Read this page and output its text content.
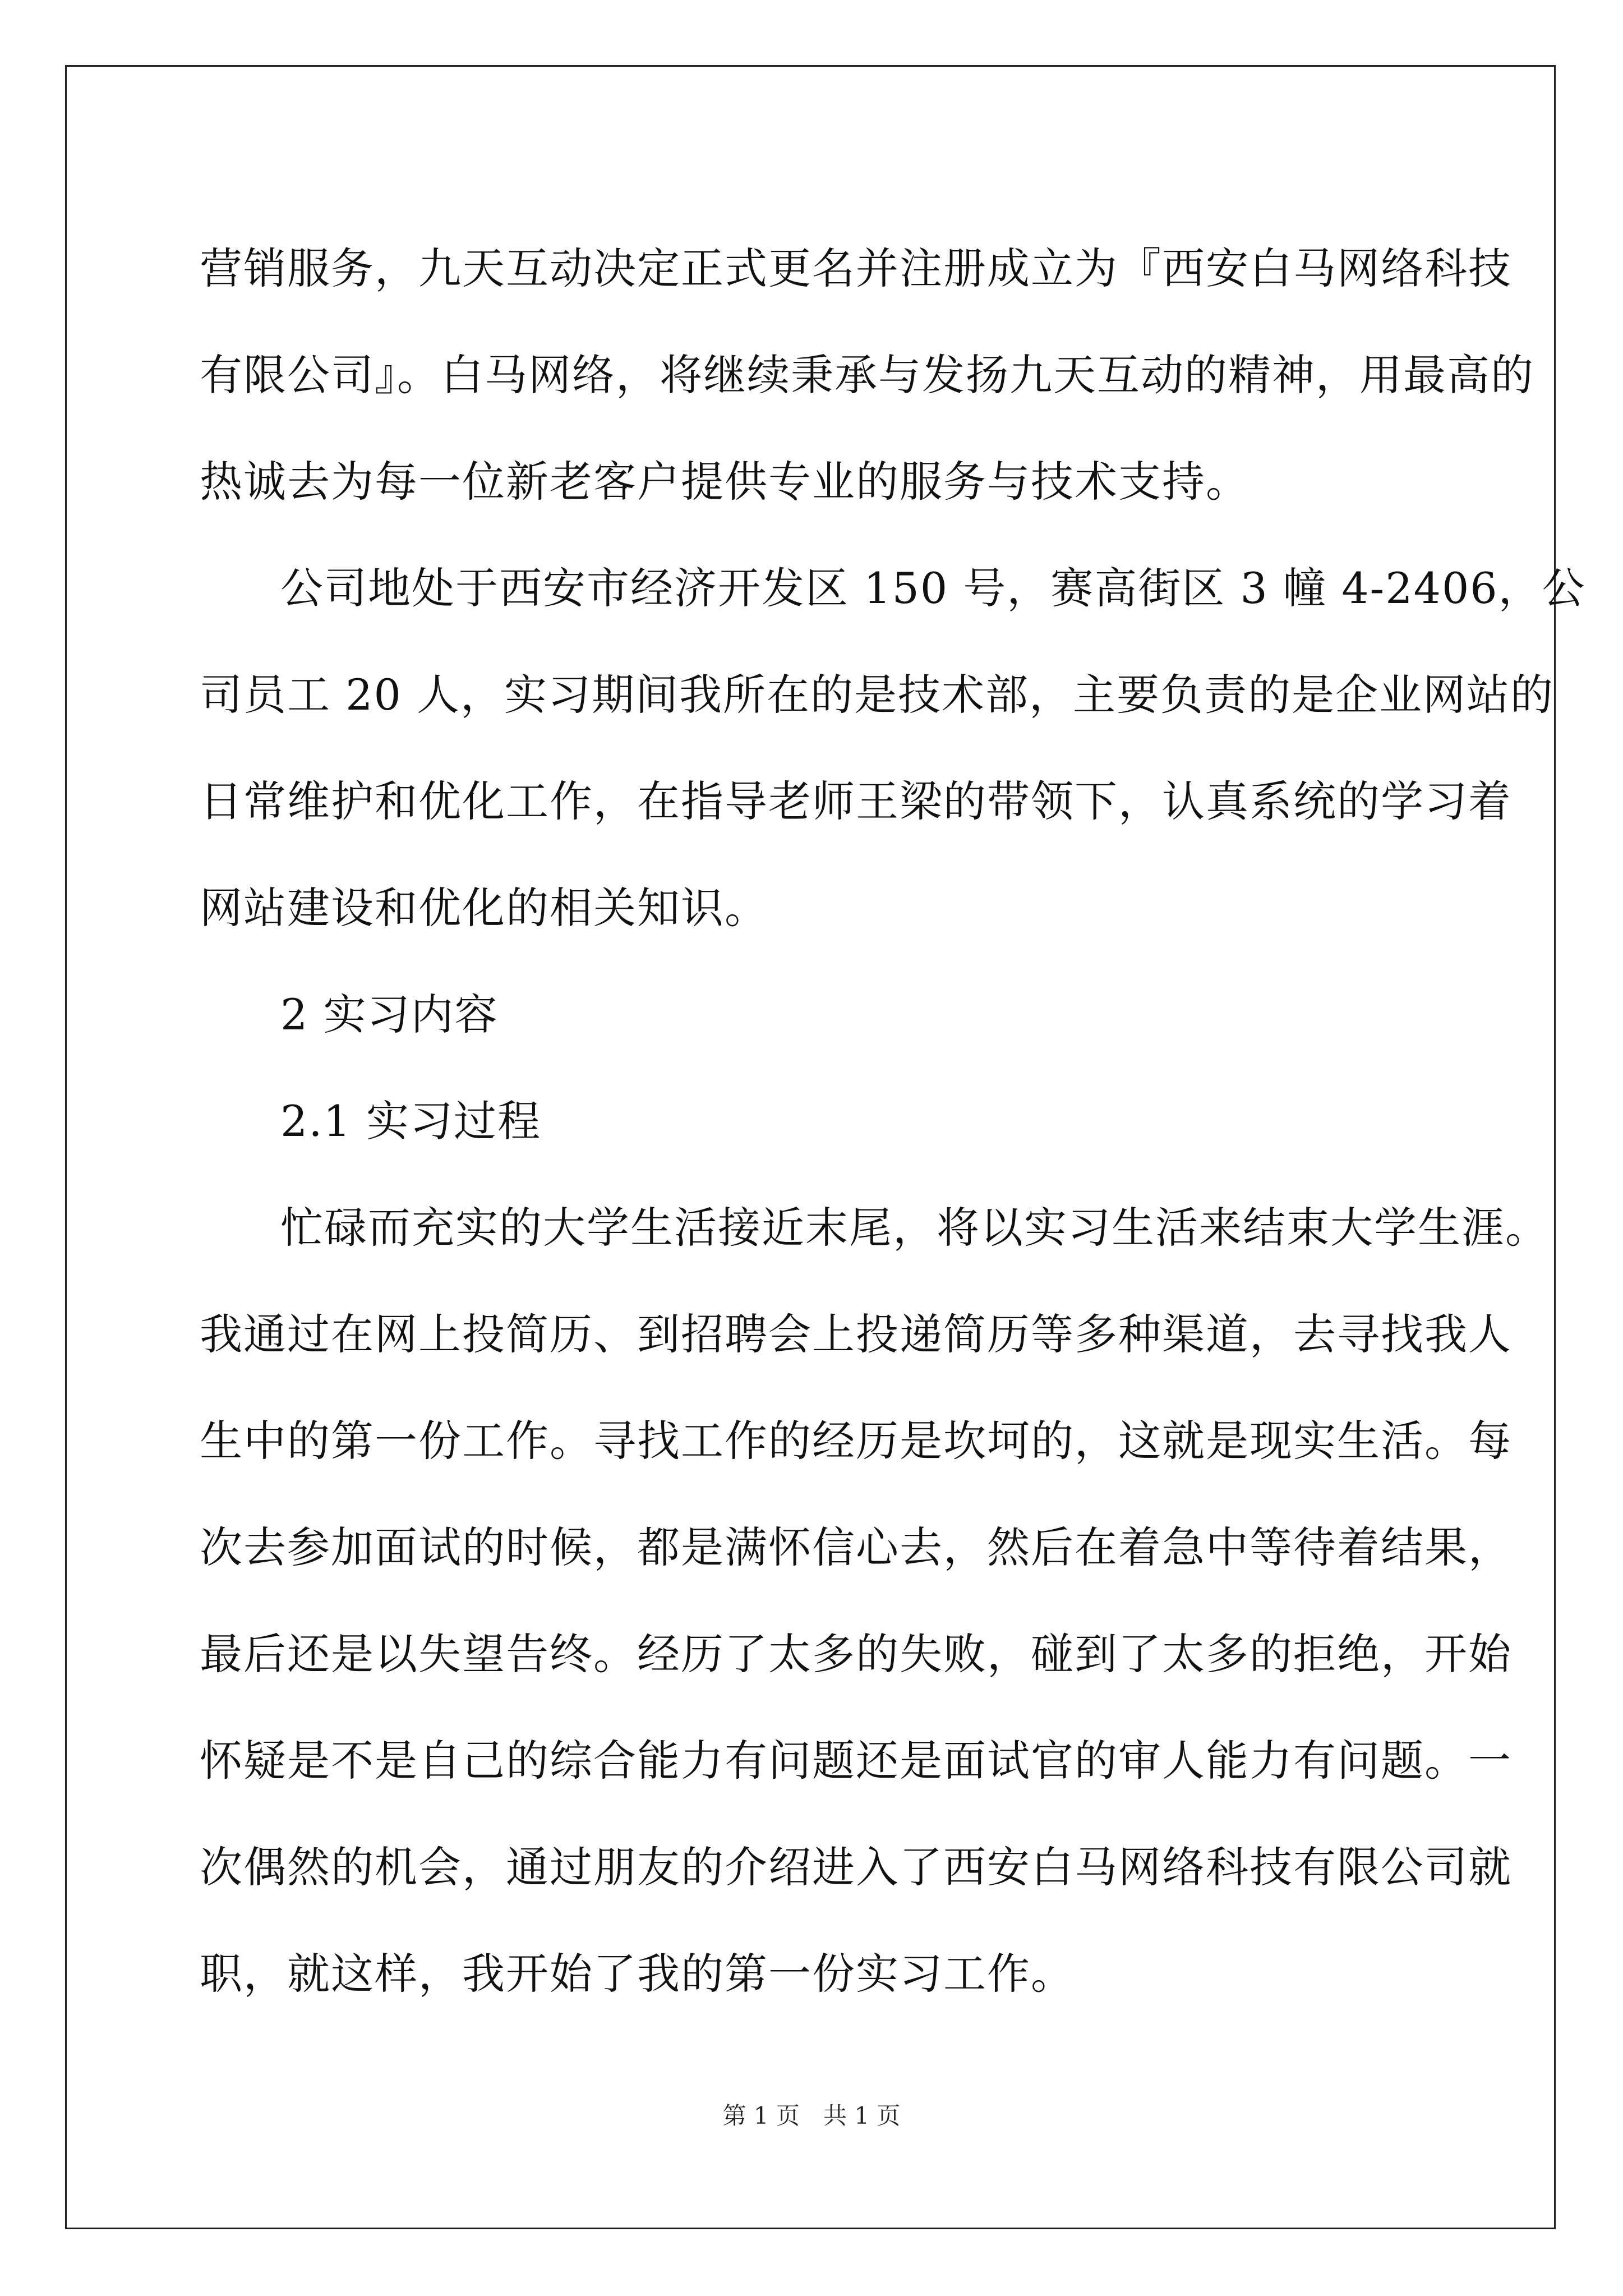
营销服务，九天互动决定正式更名并注册成立为『西安白马网络科技
有限公司』。白马网络，将继续秉承与发扬九天互动的精神，用最高的
热诚去为每一位新老客户提供专业的服务与技术支持。
公司地处于西安市经济开发区 150 号，赛高街区 3 幢 4-2406，公
司员工 20 人，实习期间我所在的是技术部，主要负责的是企业网站的
日常维护和优化工作，在指导老师王梁的带领下，认真系统的学习着
网站建设和优化的相关知识。
2 实习内容
2.1 实习过程
忙碌而充实的大学生活接近末尾，将以实习生活来结束大学生涯。
我通过在网上投简历、到招聘会上投递简历等多种渠道，去寻找我人
生中的第一份工作。寻找工作的经历是坎坷的，这就是现实生活。每
次去参加面试的时候，都是满怀信心去，然后在着急中等待着结果，
最后还是以失望告终。经历了太多的失败，碰到了太多的拒绝，开始
怀疑是不是自己的综合能力有问题还是面试官的审人能力有问题。一
次偶然的机会，通过朋友的介绍进入了西安白马网络科技有限公司就
职，就这样，我开始了我的第一份实习工作。
第 1 页　共 1 页
